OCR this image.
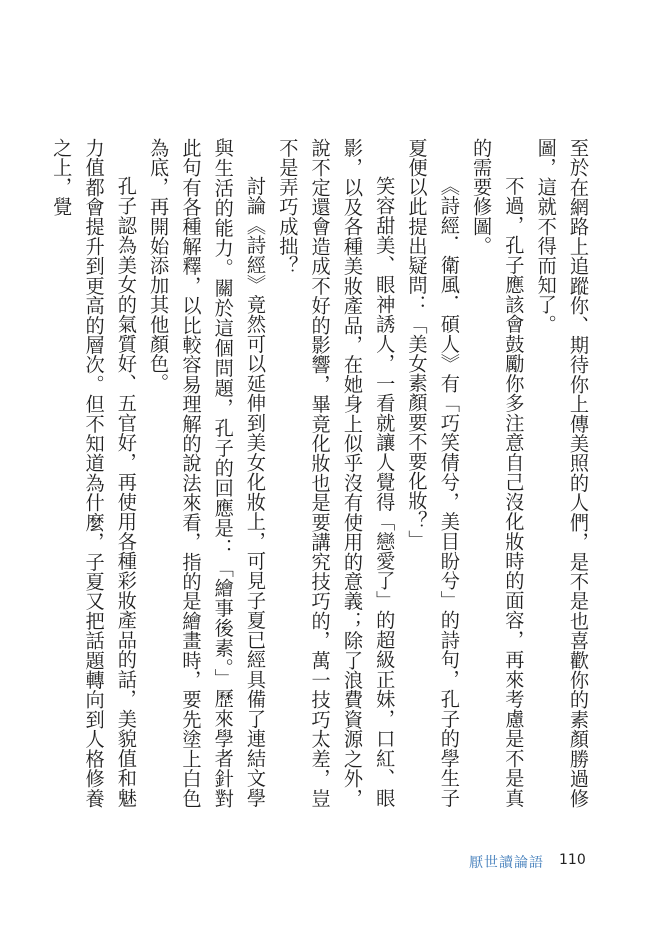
至於在網路上追蹤你、期待你上傳美照的人們，是不是也喜歡你的素顏勝過修圖，這就不得而知了。

不過，孔子應該會鼓勵你多注意自己沒化妝時的面容，再來考慮是不是真的需要修圖。

《詩經．衛風．碩人》有「巧笑倩兮，美目盼兮」的詩句，孔子的學生子夏便以此提出疑問：「美女素顏要不要化妝？」

笑容甜美、眼神誘人，一看就讓人覺得「戀愛了」的超級正妹，口紅、眼影，以及各種美妝產品，在她身上似乎沒有使用的意義；除了浪費資源之外，說不定還會造成不好的影響，畢竟化妝也是要講究技巧的，萬一技巧太差，豈不是弄巧成拙？

討論《詩經》竟然可以延伸到美女化妝上，可見子夏已經具備了連結文學與生活的能力。關於這個問題，孔子的回應是：「繪事後素。」歷來學者針對此句有各種解釋，以比較容易理解的說法來看，指的是繪畫時，要先塗上白色為底，再開始添加其他顏色。

孔子認為美女的氣質好、五官好，再使用各種彩妝產品的話，美貌值和魅力值都會提升到更高的層次。但不知道為什麼，子夏又把話題轉向到人格修養之上，覺

厭世讀論語 110
